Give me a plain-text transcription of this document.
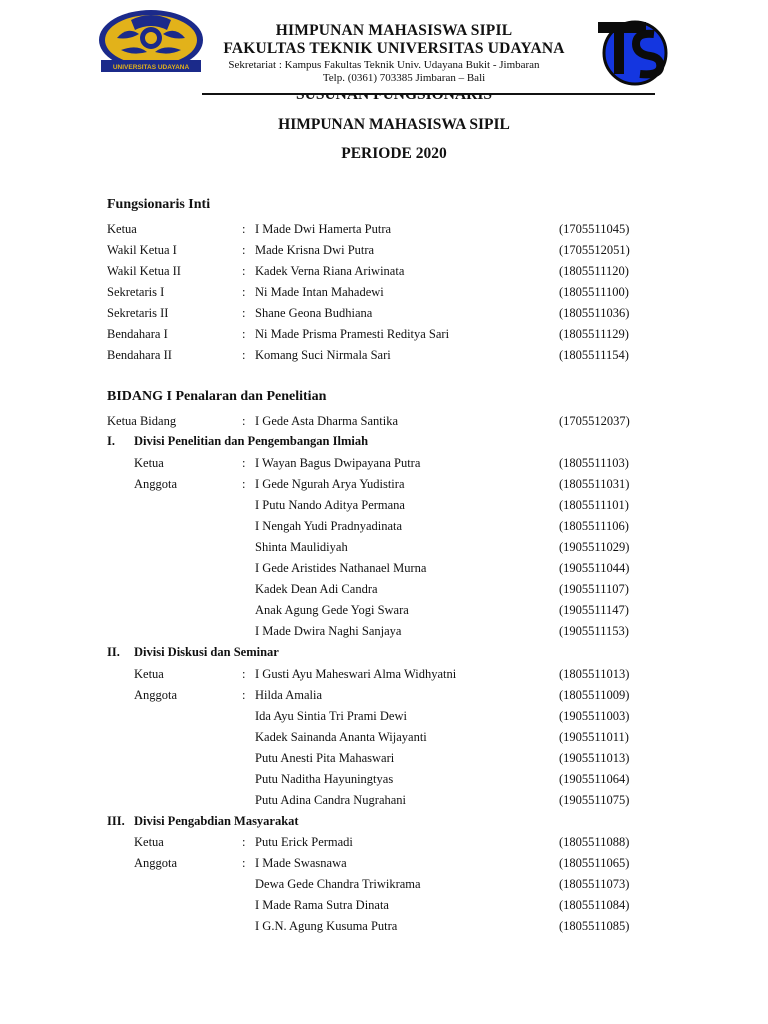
UNIVERSITAS UDAYANA
HIMPUNAN MAHASISWA SIPIL
FAKULTAS TEKNIK UNIVERSITAS UDAYANA
Sekretariat : Kampus Fakultas Teknik Univ. Udayana Bukit - Jimbaran
Telp. (0361) 703385 Jimbaran – Bali
HIMPUNAN MAHASISWA SIPIL
PERIODE 2020
Fungsionaris Inti
Ketua	: I Made Dwi Hamerta Putra	(1705511045)
Wakil Ketua I	: Made Krisna Dwi Putra	(1705512051)
Wakil Ketua II	: Kadek Verna Riana Ariwinata	(1805511120)
Sekretaris I	: Ni Made Intan Mahadewi	(1805511100)
Sekretaris II	: Shane Geona Budhiana	(1805511036)
Bendahara I	: Ni Made Prisma Pramesti Reditya Sari	(1805511129)
Bendahara II	: Komang Suci Nirmala Sari	(1805511154)
BIDANG I Penalaran dan Penelitian
Ketua Bidang	: I Gede Asta Dharma Santika	(1705512037)
I. Divisi Penelitian dan Pengembangan Ilmiah
Ketua	: I Wayan Bagus Dwipayana Putra	(1805511103)
Anggota	: I Gede Ngurah Arya Yudistira	(1805511031)
I Putu Nando Aditya Permana	(1805511101)
I Nengah Yudi Pradnyadinata	(1805511106)
Shinta Maulidiyah	(1905511029)
I Gede Aristides Nathanael Murna	(1905511044)
Kadek Dean Adi Candra	(1905511107)
Anak Agung Gede Yogi Swara	(1905511147)
I Made Dwira Naghi Sanjaya	(1905511153)
II. Divisi Diskusi dan Seminar
Ketua	: I Gusti Ayu Maheswari Alma Widhyatni	(1805511013)
Anggota	: Hilda Amalia	(1805511009)
Ida Ayu Sintia Tri Prami Dewi	(1905511003)
Kadek Sainanda Ananta Wijayanti	(1905511011)
Putu Anesti Pita Mahaswari	(1905511013)
Putu Naditha Hayuningtyas	(1905511064)
Putu Adina Candra Nugrahani	(1905511075)
III. Divisi Pengabdian Masyarakat
Ketua	: Putu Erick Permadi	(1805511088)
Anggota	: I Made Swasnawa	(1805511065)
Dewa Gede Chandra Triwikrama	(1805511073)
I Made Rama Sutra Dinata	(1805511084)
I G.N. Agung Kusuma Putra	(1805511085)
